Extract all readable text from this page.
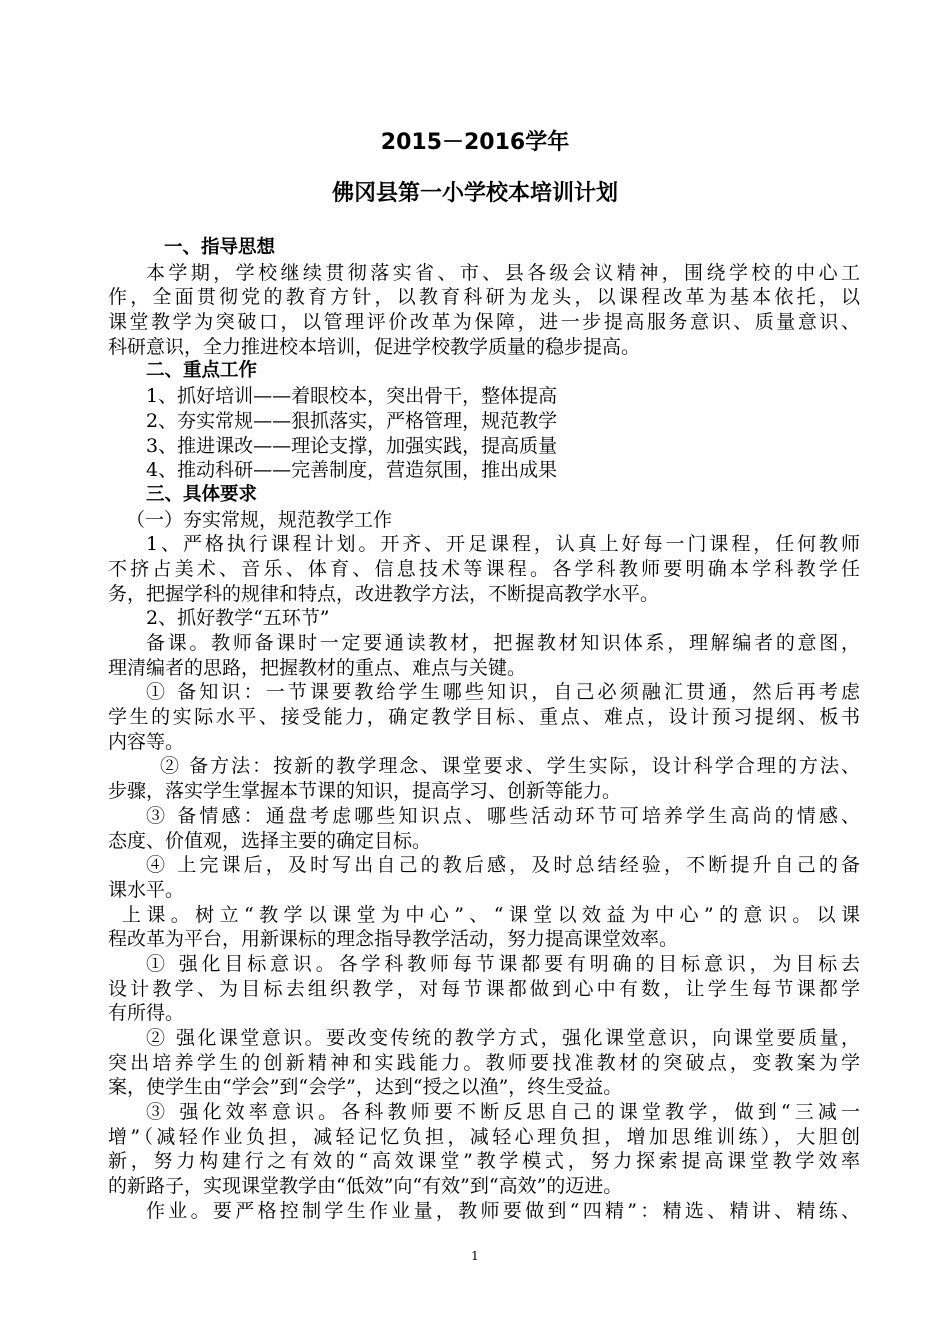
2015－2016学年
佛冈县第一小学校本培训计划
一、指导思想
本学期，学校继续贯彻落实省、市、县各级会议精神，围绕学校的中心工
作，全面贯彻党的教育方针，以教育科研为龙头，以课程改革为基本依托，以
课堂教学为突破口，以管理评价改革为保障，进一步提高服务意识、质量意识、
科研意识，全力推进校本培训，促进学校教学质量的稳步提高。
二、重点工作
1、抓好培训——着眼校本，突出骨干，整体提高
2、夯实常规——狠抓落实，严格管理，规范教学
3、推进课改——理论支撑，加强实践，提高质量
4、推动科研——完善制度，营造氛围，推出成果
三、具体要求
（一）夯实常规，规范教学工作
1、严格执行课程计划。开齐、开足课程，认真上好每一门课程，任何教师
不挤占美术、音乐、体育、信息技术等课程。各学科教师要明确本学科教学任
务，把握学科的规律和特点，改进教学方法，不断提高教学水平。
2、抓好教学“五环节”
备课。教师备课时一定要通读教材，把握教材知识体系，理解编者的意图，
理清编者的思路，把握教材的重点、难点与关键。
① 备知识：一节课要教给学生哪些知识，自己必须融汇贯通，然后再考虑
学生的实际水平、接受能力，确定教学目标、重点、难点，设计预习提纲、板书
内容等。
② 备方法：按新的教学理念、课堂要求、学生实际，设计科学合理的方法、
步骤，落实学生掌握本节课的知识，提高学习、创新等能力。
③ 备情感：通盘考虑哪些知识点、哪些活动环节可培养学生高尚的情感、
态度、价值观，选择主要的确定目标。
④ 上完课后，及时写出自己的教后感，及时总结经验，不断提升自己的备
课水平。
上课。树立“教学以课堂为中心”、“课堂以效益为中心”的意识。以课
程改革为平台，用新课标的理念指导教学活动，努力提高课堂效率。
① 强化目标意识。各学科教师每节课都要有明确的目标意识，为目标去
设计教学、为目标去组织教学，对每节课都做到心中有数，让学生每节课都学
有所得。
② 强化课堂意识。要改变传统的教学方式，强化课堂意识，向课堂要质量，
突出培养学生的创新精神和实践能力。教师要找准教材的突破点，变教案为学
案，使学生由“学会”到“会学”，达到“授之以渔”，终生受益。
③ 强化效率意识。各科教师要不断反思自己的课堂教学，做到“三减一
增”（减轻作业负担，减轻记忆负担，减轻心理负担，增加思维训练），大胆创
新，努力构建行之有效的“高效课堂”教学模式，努力探索提高课堂教学效率
的新路子，实现课堂教学由“低效”向“有效”到“高效”的迈进。
作业。要严格控制学生作业量，教师要做到“四精”：精选、精讲、精练、
1
